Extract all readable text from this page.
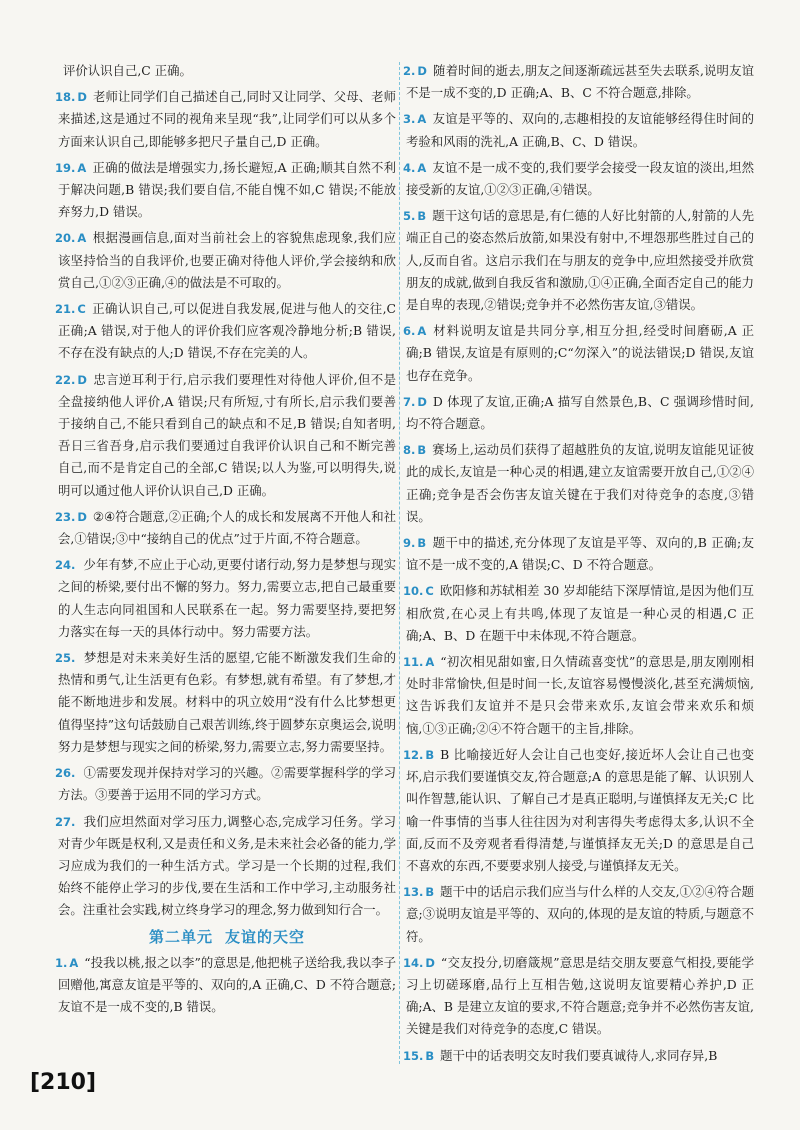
评价认识自己,C 正确。

18. D 老师让同学们自己描述自己,同时又让同学、父母、老师来描述,这是通过不同的视角来呈现“我”,让同学们可以从多个方面来认识自己,即能够多把尺子量自己,D 正确。

19. A 正确的做法是增强实力,扬长避短,A 正确;顺其自然不利于解决问题,B 错误;我们要自信,不能自愧不如,C 错误;不能放弃努力,D 错误。

20. A 根据漫画信息,面对当前社会上的容貌焦虑现象,我们应该坚持恰当的自我评价,也要正确对待他人评价,学会接纳和欣赏自己,①②③正确,④的做法是不可取的。

21. C 正确认识自己,可以促进自我发展,促进与他人的交往,C 正确;A 错误,对于他人的评价我们应客观冷静地分析;B 错误,不存在没有缺点的人;D 错误,不存在完美的人。

22. D 忠言逆耳利于行,启示我们要理性对待他人评价,但不是全盘接纳他人评价,A 错误;尺有所短,寸有所长,启示我们要善于接纳自己,不能只看到自己的缺点和不足,B 错误;自知者明,吾日三省吾身,启示我们要通过自我评价认识自己和不断完善自己,而不是肯定自己的全部,C 错误;以人为鉴,可以明得失,说明可以通过他人评价认识自己,D 正确。

23. D ②④符合题意,②正确;个人的成长和发展离不开他人和社会,①错误;③中“接纳自己的优点”过于片面,不符合题意。

24. 少年有梦,不应止于心动,更要付诸行动,努力是梦想与现实之间的桥梁,要付出不懈的努力。努力,需要立志,把自己最重要的人生志向同祖国和人民联系在一起。努力需要坚持,要把努力落实在每一天的具体行动中。努力需要方法。

25. 梦想是对未来美好生活的愿望,它能不断激发我们生命的热情和勇气,让生活更有色彩。有梦想,就有希望。有了梦想,才能不断地进步和发展。材料中的巩立姣用“没有什么比梦想更值得坚持”这句话鼓励自己艰苦训练,终于圆梦东京奥运会,说明努力是梦想与现实之间的桥梁,努力,需要立志,努力需要坚持。

26. ①需要发现并保持对学习的兴趣。②需要掌握科学的学习方法。③要善于运用不同的学习方式。

27. 我们应坦然面对学习压力,调整心态,完成学习任务。学习对青少年既是权利,又是责任和义务,是未来社会必备的能力,学习应成为我们的一种生活方式。学习是一个长期的过程,我们始终不能停止学习的步伐,要在生活和工作中学习,主动服务社会。注重社会实践,树立终身学习的理念,努力做到知行合一。

第二单元 友谊的天空

1. A “投我以桃,报之以李”的意思是,他把桃子送给我,我以李子回赠他,寓意友谊是平等的、双向的,A 正确,C、D 不符合题意;友谊不是一成不变的,B 错误。

2. D 随着时间的逝去,朋友之间逐渐疏远甚至失去联系,说明友谊不是一成不变的,D 正确;A、B、C 不符合题意,排除。

3. A 友谊是平等的、双向的,志趣相投的友谊能够经得住时间的考验和风雨的洗礼,A 正确,B、C、D 错误。

4. A 友谊不是一成不变的,我们要学会接受一段友谊的淡出,坦然接受新的友谊,①②③正确,④错误。

5. B 题干这句话的意思是,有仁德的人好比射箭的人,射箭的人先端正自己的姿态然后放箭,如果没有射中,不埋怨那些胜过自己的人,反而自省。这启示我们在与朋友的竞争中,应坦然接受并欣赏朋友的成就,做到自我反省和激励,①④正确,全面否定自己的能力是自卑的表现,②错误;竞争并不必然伤害友谊,③错误。

6. A 材料说明友谊是共同分享,相互分担,经受时间磨砺,A 正确;B 错误,友谊是有原则的;C“勿深入”的说法错误;D 错误,友谊也存在竞争。

7. D D 体现了友谊,正确;A 描写自然景色,B、C 强调珍惜时间,均不符合题意。

8. B 赛场上,运动员们获得了超越胜负的友谊,说明友谊能见证彼此的成长,友谊是一种心灵的相遇,建立友谊需要开放自己,①②④正确;竞争是否会伤害友谊关键在于我们对待竞争的态度,③错误。

9. B 题干中的描述,充分体现了友谊是平等、双向的,B 正确;友谊不是一成不变的,A 错误;C、D 不符合题意。

10. C 欧阳修和苏轼相差 30 岁却能结下深厚情谊,是因为他们互相欣赏,在心灵上有共鸣,体现了友谊是一种心灵的相遇,C 正确;A、B、D 在题干中未体现,不符合题意。

11. A “初次相见甜如蜜,日久情疏喜变忧”的意思是,朋友刚刚相处时非常愉快,但是时间一长,友谊容易慢慢淡化,甚至充满烦恼,这告诉我们友谊并不是只会带来欢乐,友谊会带来欢乐和烦恼,①③正确;②④不符合题干的主旨,排除。

12. B B 比喻接近好人会让自己也变好,接近坏人会让自己也变坏,启示我们要谨慎交友,符合题意;A 的意思是能了解、认识别人叫作智慧,能认识、了解自己才是真正聪明,与谨慎择友无关;C 比喻一件事情的当事人往往因为对利害得失考虑得太多,认识不全面,反而不及旁观者看得清楚,与谨慎择友无关;D 的意思是自己不喜欢的东西,不要要求别人接受,与谨慎择友无关。

13. B 题干中的话启示我们应当与什么样的人交友,①②④符合题意;③说明友谊是平等的、双向的,体现的是友谊的特质,与题意不符。

14. D “交友投分,切磨箴规”意思是结交朋友要意气相投,要能学习上切磋琢磨,品行上互相告勉,这说明友谊要精心养护,D 正确;A、B 是建立友谊的要求,不符合题意;竞争并不必然伤害友谊,关键是我们对待竞争的态度,C 错误。

15. B 题干中的话表明交友时我们要真诚待人,求同存异,B

[210]
